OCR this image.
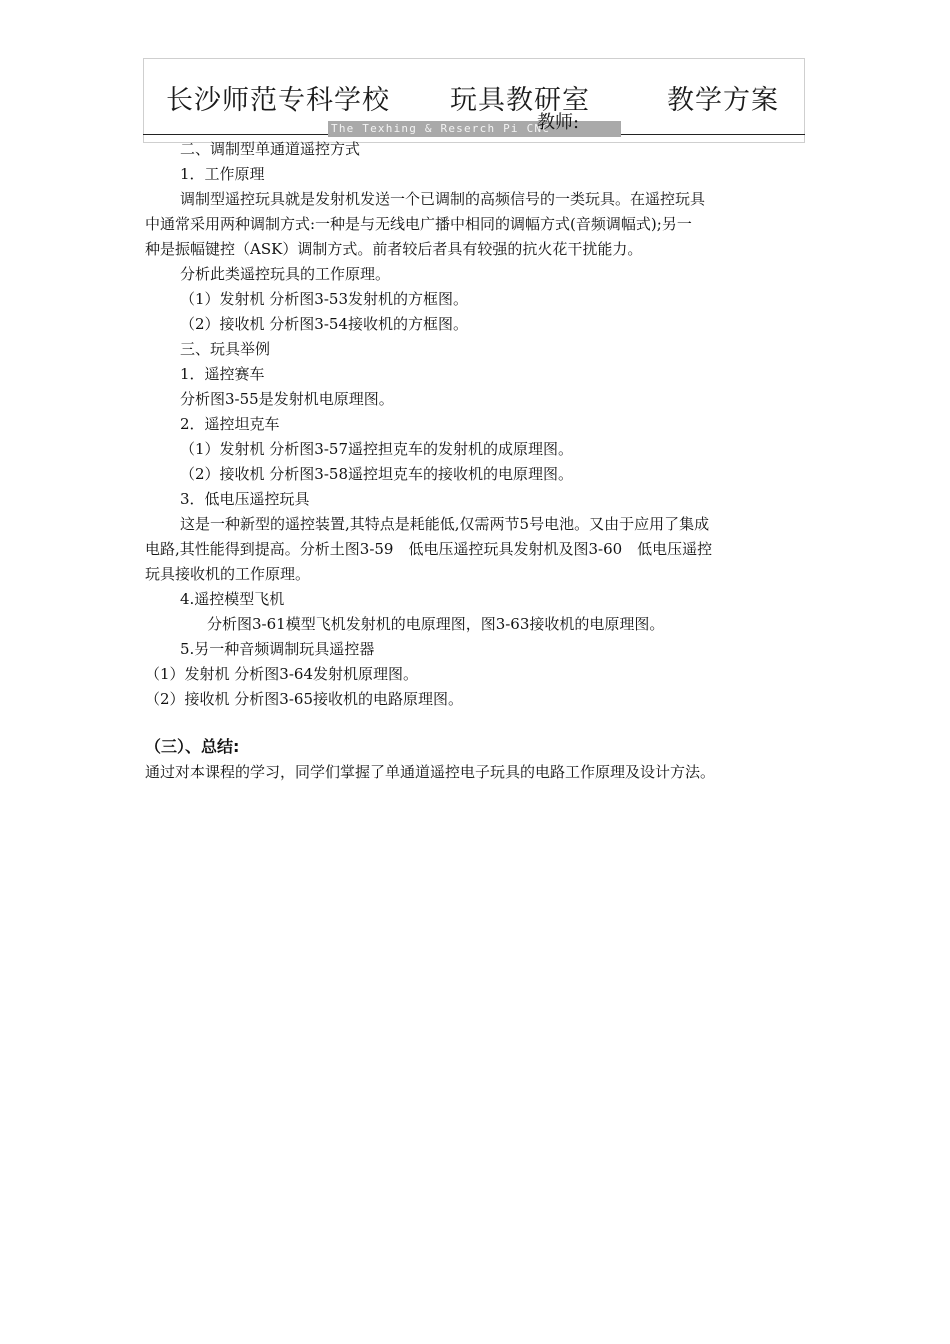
长沙师范专科学校 玩具教研室	教学方案
The Texhing & Reserch Pi CNC
教师:
二、调制型单通道遥控方式
1．工作原理
调制型遥控玩具就是发射机发送一个已调制的高频信号的一类玩具。在遥控玩具
中通常采用两种调制方式:一种是与无线电广播中相同的调幅方式(音频调幅式);另一
种是振幅键控（ASK）调制方式。前者较后者具有较强的抗火花干扰能力。
分析此类遥控玩具的工作原理。
（1）发射机 分析图3-53发射机的方框图。
（2）接收机 分析图3-54接收机的方框图。
三、玩具举例
1．遥控赛车
分析图3-55是发射机电原理图。
2．遥控坦克车
（1）发射机 分析图3-57遥控担克车的发射机的成原理图。
（2）接收机 分析图3-58遥控坦克车的接收机的电原理图。
3．低电压遥控玩具
这是一种新型的遥控装置,其特点是耗能低,仅需两节5号电池。又由于应用了集成
电路,其性能得到提高。分析土图3-59　低电压遥控玩具发射机及图3-60　低电压遥控
玩具接收机的工作原理。
4.遥控模型飞机
分析图3-61模型飞机发射机的电原理图，图3-63接收机的电原理图。
5.另一种音频调制玩具遥控器
（1）发射机 分析图3-64发射机原理图。
（2）接收机 分析图3-65接收机的电路原理图。
（三）、总结:
通过对本课程的学习，同学们掌握了单通道遥控电子玩具的电路工作原理及设计方法。
